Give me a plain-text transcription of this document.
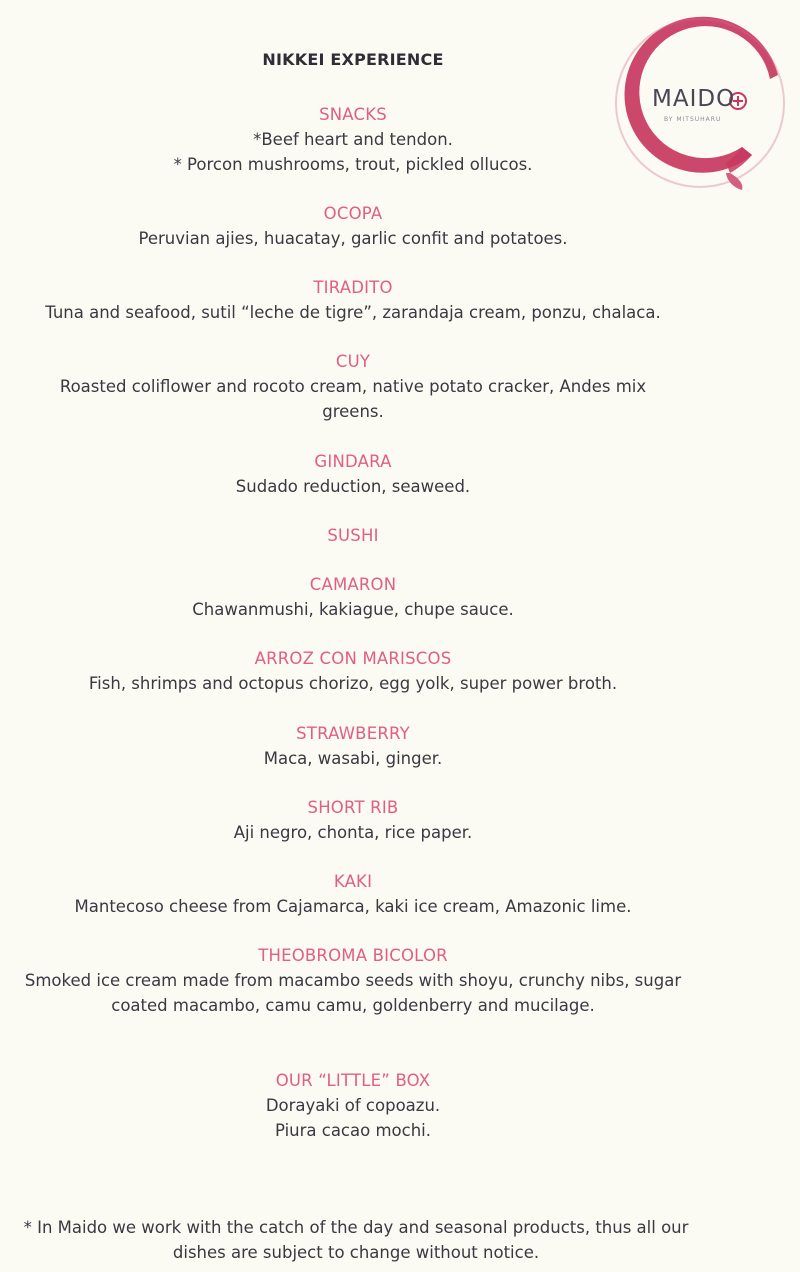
NIKKEI EXPERIENCE
MAIDO
BY MITSUHARU
SNACKS
*Beef heart and tendon.
* Porcon mushrooms, trout, pickled ollucos.
OCOPA
Peruvian ajies, huacatay, garlic confit and potatoes.
TIRADITO
Tuna and seafood, sutil “leche de tigre”, zarandaja cream, ponzu, chalaca.
CUY
Roasted coliflower and rocoto cream, native potato cracker, Andes mix
greens.
GINDARA
Sudado reduction, seaweed.
SUSHI
CAMARON
Chawanmushi, kakiague, chupe sauce.
ARROZ CON MARISCOS
Fish, shrimps and octopus chorizo, egg yolk, super power broth.
STRAWBERRY
Maca, wasabi, ginger.
SHORT RIB
Aji negro, chonta, rice paper.
KAKI
Mantecoso cheese from Cajamarca, kaki ice cream, Amazonic lime.
THEOBROMA BICOLOR
Smoked ice cream made from macambo seeds with shoyu, crunchy nibs, sugar
coated macambo, camu camu, goldenberry and mucilage.
OUR “LITTLE” BOX
Dorayaki of copoazu.
Piura cacao mochi.
* In Maido we work with the catch of the day and seasonal products, thus all our
dishes are subject to change without notice.
